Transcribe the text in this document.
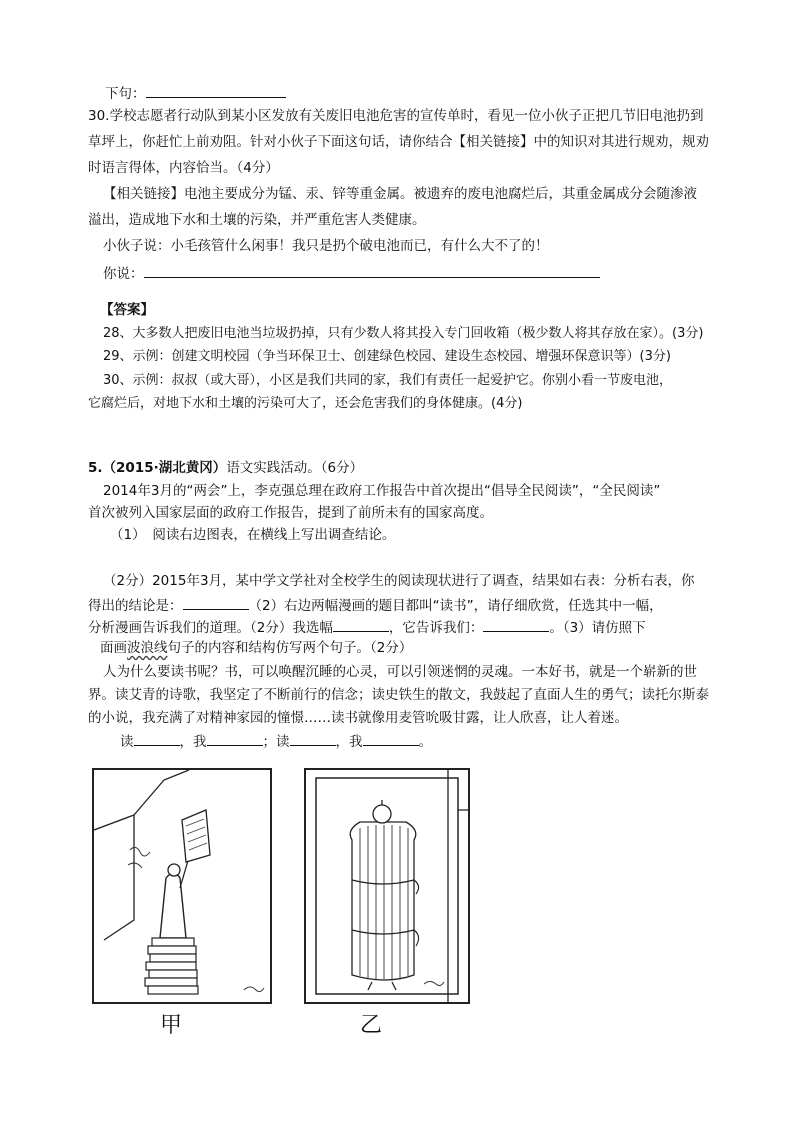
下句：
30.学校志愿者行动队到某小区发放有关废旧电池危害的宣传单时，看见一位小伙子正把几节旧电池扔到
草坪上，你赶忙上前劝阻。针对小伙子下面这句话，请你结合【相关链接】中的知识对其进行规劝，规劝
时语言得体，内容恰当。（4分）
【相关链接】电池主要成分为锰、汞、锌等重金属。被遗弃的废电池腐烂后，其重金属成分会随渗液
溢出，造成地下水和土壤的污染，并严重危害人类健康。
小伙子说：小毛孩管什么闲事！我只是扔个破电池而已，有什么大不了的！
你说：
【答案】
28、大多数人把废旧电池当垃圾扔掉，只有少数人将其投入专门回收箱（极少数人将其存放在家）。(3分)
29、示例：创建文明校园（争当环保卫士、创建绿色校园、建设生态校园、增强环保意识等）(3分)
30、示例：叔叔（或大哥），小区是我们共同的家，我们有责任一起爱护它。你别小看一节废电池，
它腐烂后，对地下水和土壤的污染可大了，还会危害我们的身体健康。(4分)
5.（2015·湖北黄冈）语文实践活动。（6分）
2014年3月的“两会”上，李克强总理在政府工作报告中首次提出“倡导全民阅读”，“全民阅读”
首次被列入国家层面的政府工作报告，提到了前所未有的国家高度。
（1）　阅读右边图表，在横线上写出调查结论。
（2分）2015年3月，某中学文学社对全校学生的阅读现状进行了调查，结果如右表：分析右表，你
得出的结论是：	（2）右边两幅漫画的题目都叫“读书”，请仔细欣赏，任选其中一幅，
分析漫画告诉我们的道理。（2分）我选幅	，它告诉我们：	。（3）请仿照下
面画波浪线句子的内容和结构仿写两个句子。（2分）
人为什么要读书呢？书，可以唤醒沉睡的心灵，可以引领迷惘的灵魂。一本好书，就是一个崭新的世
界。读艾青的诗歌，我坚定了不断前行的信念；读史铁生的散文，我鼓起了直面人生的勇气；读托尔斯泰
的小说，我充满了对精神家园的憧憬……读书就像用麦管吮吸甘露，让人欣喜，让人着迷。
读	，我	；读	，我	。
甲	乙
